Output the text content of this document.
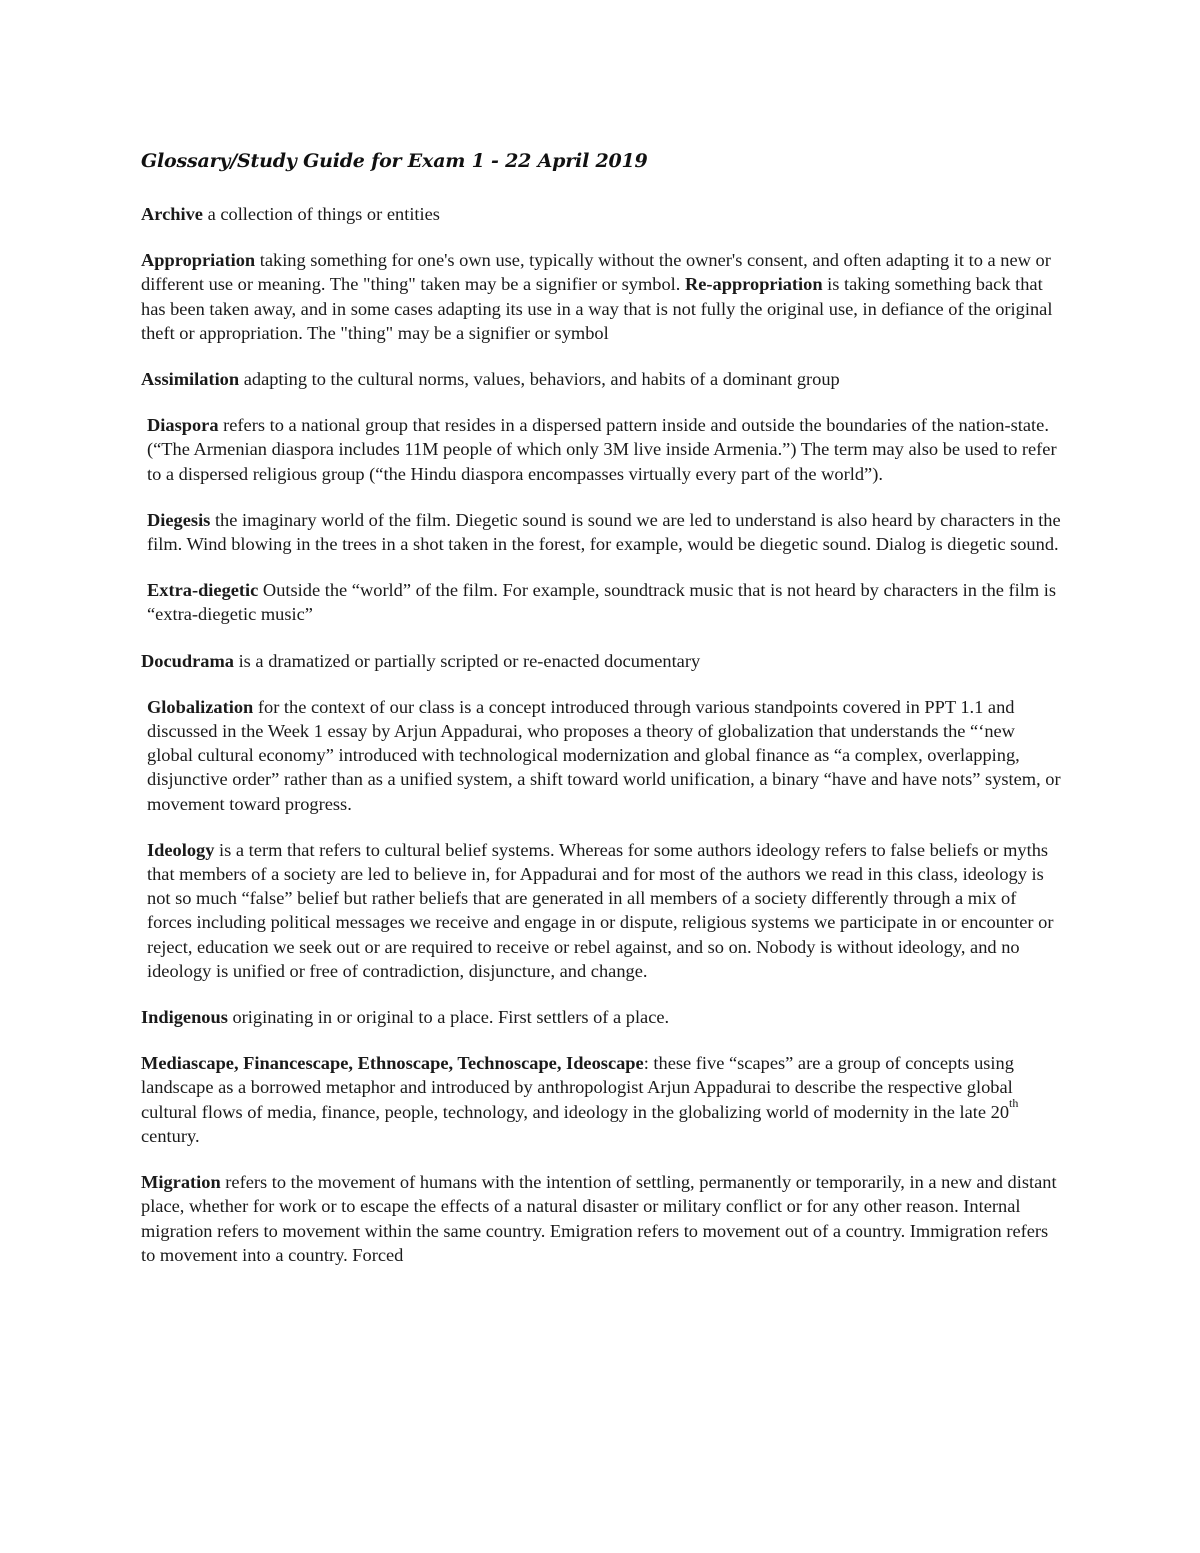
Glossary/Study Guide for Exam 1 - 22 April 2019

Archive a collection of things or entities

Appropriation taking something for one's own use, typically without the owner's consent, and often adapting it to a new or different use or meaning. The "thing" taken may be a signifier or symbol. Re-appropriation is taking something back that has been taken away, and in some cases adapting its use in a way that is not fully the original use, in defiance of the original theft or appropriation. The "thing" may be a signifier or symbol

Assimilation adapting to the cultural norms, values, behaviors, and habits of a dominant group

Diaspora refers to a national group that resides in a dispersed pattern inside and outside the boundaries of the nation-state. (“The Armenian diaspora includes 11M people of which only 3M live inside Armenia.”) The term may also be used to refer to a dispersed religious group (“the Hindu diaspora encompasses virtually every part of the world”).

Diegesis the imaginary world of the film. Diegetic sound is sound we are led to understand is also heard by characters in the film. Wind blowing in the trees in a shot taken in the forest, for example, would be diegetic sound. Dialog is diegetic sound.

Extra-diegetic Outside the “world” of the film. For example, soundtrack music that is not heard by characters in the film is “extra-diegetic music”

Docudrama is a dramatized or partially scripted or re-enacted documentary

Globalization for the context of our class is a concept introduced through various standpoints covered in PPT 1.1 and discussed in the Week 1 essay by Arjun Appadurai, who proposes a theory of globalization that understands the “‘new global cultural economy” introduced with technological modernization and global finance as “a complex, overlapping, disjunctive order” rather than as a unified system, a shift toward world unification, a binary “have and have nots” system, or movement toward progress.

Ideology is a term that refers to cultural belief systems. Whereas for some authors ideology refers to false beliefs or myths that members of a society are led to believe in, for Appadurai and for most of the authors we read in this class, ideology is not so much “false” belief but rather beliefs that are generated in all members of a society differently through a mix of forces including political messages we receive and engage in or dispute, religious systems we participate in or encounter or reject, education we seek out or are required to receive or rebel against, and so on. Nobody is without ideology, and no ideology is unified or free of contradiction, disjuncture, and change.

Indigenous originating in or original to a place. First settlers of a place.

Mediascape, Financescape, Ethnoscape, Technoscape, Ideoscape: these five “scapes” are a group of concepts using landscape as a borrowed metaphor and introduced by anthropologist Arjun Appadurai to describe the respective global cultural flows of media, finance, people, technology, and ideology in the globalizing world of modernity in the late 20th century.

Migration refers to the movement of humans with the intention of settling, permanently or temporarily, in a new and distant place, whether for work or to escape the effects of a natural disaster or military conflict or for any other reason. Internal migration refers to movement within the same country. Emigration refers to movement out of a country. Immigration refers to movement into a country. Forced
